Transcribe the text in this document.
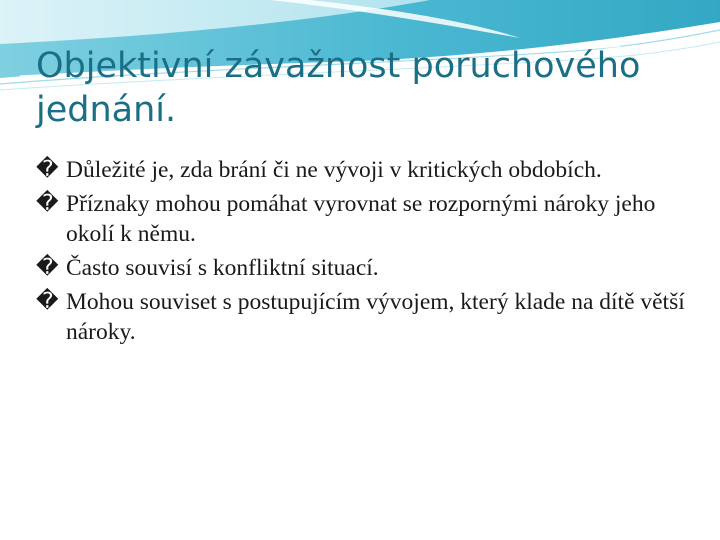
Objektivní závažnost poruchového jednání.
� Důležité je, zda brání či ne vývoji v kritických obdobích.
� Příznaky mohou pomáhat vyrovnat se rozpornými nároky jeho okolí k němu.
� Často souvisí s konfliktní situací.
� Mohou souviset s postupujícím vývojem, který klade na dítě větší nároky.
